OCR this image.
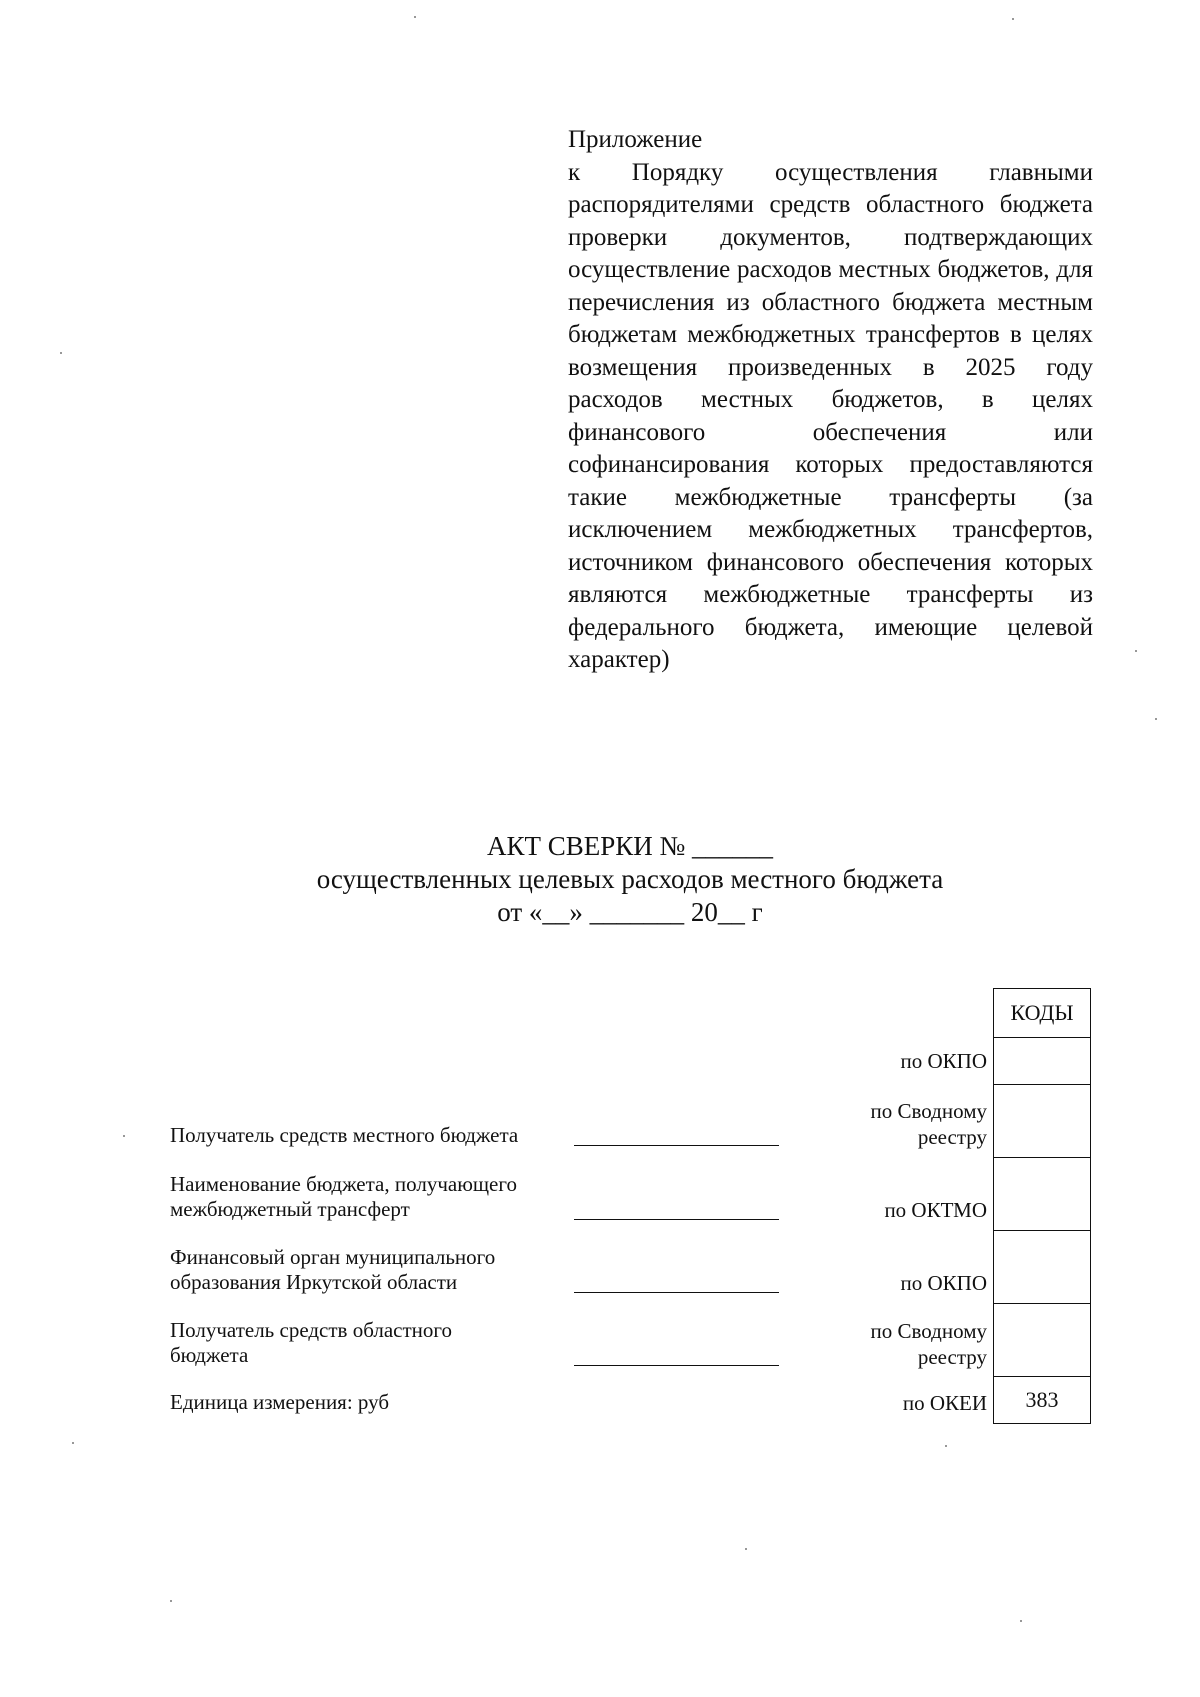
Приложение
к Порядку осуществления главными распорядителями средств областного бюджета проверки документов, подтверждающих осуществление расходов местных бюджетов, для перечисления из областного бюджета местным бюджетам межбюджетных трансфертов в целях возмещения произведенных в 2025 году расходов местных бюджетов, в целях финансового обеспечения или софинансирования которых предоставляются такие межбюджетные трансферты (за исключением межбюджетных трансфертов, источником финансового обеспечения которых являются межбюджетные трансферты из федерального бюджета, имеющие целевой характер)
АКТ СВЕРКИ № ______
осуществленных целевых расходов местного бюджета
от «__» _______ 20__ г
КОДЫ
383
по ОКПО
по Сводному реестру
по ОКТМО
по ОКПО
по Сводному реестру
по ОКЕИ
Получатель средств местного бюджета
Наименование бюджета, получающего межбюджетный трансферт
Финансовый орган муниципального образования Иркутской области
Получатель средств областного бюджета
Единица измерения: руб
